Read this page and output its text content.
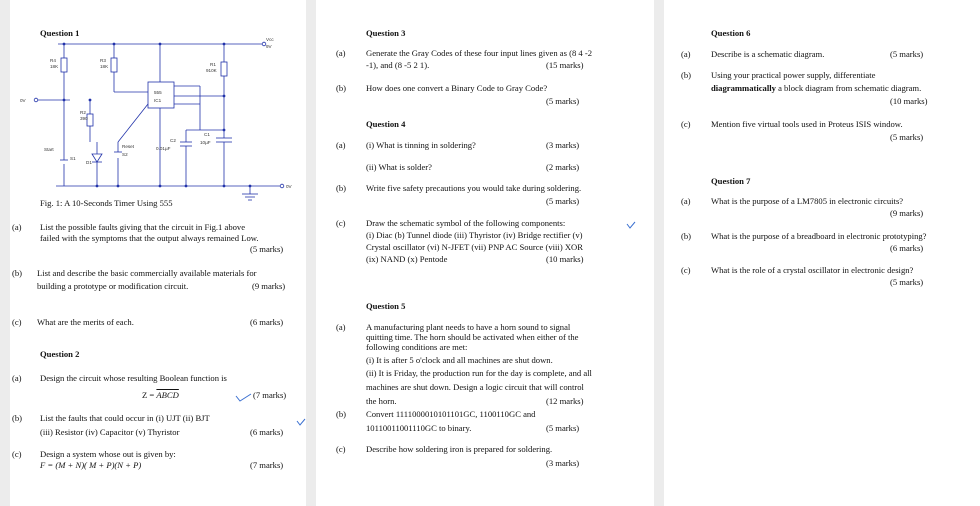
Question 1
Vcc
9V
0V
0V
R4
18K
R3
18K	R1
910K
R2
390
555
IC1
C1
10µF
C2
0.01µF
Start
S1
D1
Reset
S2
Fig. 1: A 10-Seconds Timer Using 555
(a) List the possible faults giving that the circuit in Fig.1 above
failed with the symptoms that the output always remained Low.
(5 marks)
(b) List and describe the basic commercially available materials for
building a prototype or modification circuit.	(9 marks)
(c) What are the merits of each.	(6 marks)
Question 2
(a) Design the circuit whose resulting Boolean function is
Z = ABCD	(7 marks)
(b) List the faults that could occur in (i) UJT (ii) BJT
(iii) Resistor (iv) Capacitor (v) Thyristor	(6 marks)
(c) Design a system whose out is given by:
F = (M + N)( M + P)(N + P)	(7 marks)
Question 3
(a) Generate the Gray Codes of these four input lines given as (8 4 -2
-1), and (8 -5 2 1).	(15 marks)
(b) How does one convert a Binary Code to Gray Code?
(5 marks)
Question 4
(a) (i) What is tinning in soldering?	(3 marks)
(ii) What is solder?	(2 marks)
(b) Write five safety precautions you would take during soldering.
(5 marks)
(c) Draw the schematic symbol of the following components:
(i) Diac (b) Tunnel diode (iii) Thyristor (iv) Bridge rectifier (v)
Crystal oscillator (vi) N-JFET (vii) PNP AC Source (viii) XOR
(ix) NAND (x) Pentode	(10 marks)
Question 5
(a) A manufacturing plant needs to have a horn sound to signal
quitting time. The horn should be activated when either of the
following conditions are met:
(i) It is after 5 o'clock and all machines are shut down.
(ii) It is Friday, the production run for the day is complete, and all
machines are shut down. Design a logic circuit that will control
the horn.	(12 marks)
(b) Convert 1111000010101101GC, 1100110GC and
10110011001110GC to binary.	(5 marks)
(c) Describe how soldering iron is prepared for soldering.
(3 marks)
Question 6
(a) Describe is a schematic diagram.	(5 marks)
(b) Using your practical power supply, differentiate
diagrammatically a block diagram from schematic diagram.
(10 marks)
(c) Mention five virtual tools used in Proteus ISIS window.
(5 marks)
Question 7
(a) What is the purpose of a LM7805 in electronic circuits?
(9 marks)
(b) What is the purpose of a breadboard in electronic prototyping?
(6 marks)
(c) What is the role of a crystal oscillator in electronic design?
(5 marks)
